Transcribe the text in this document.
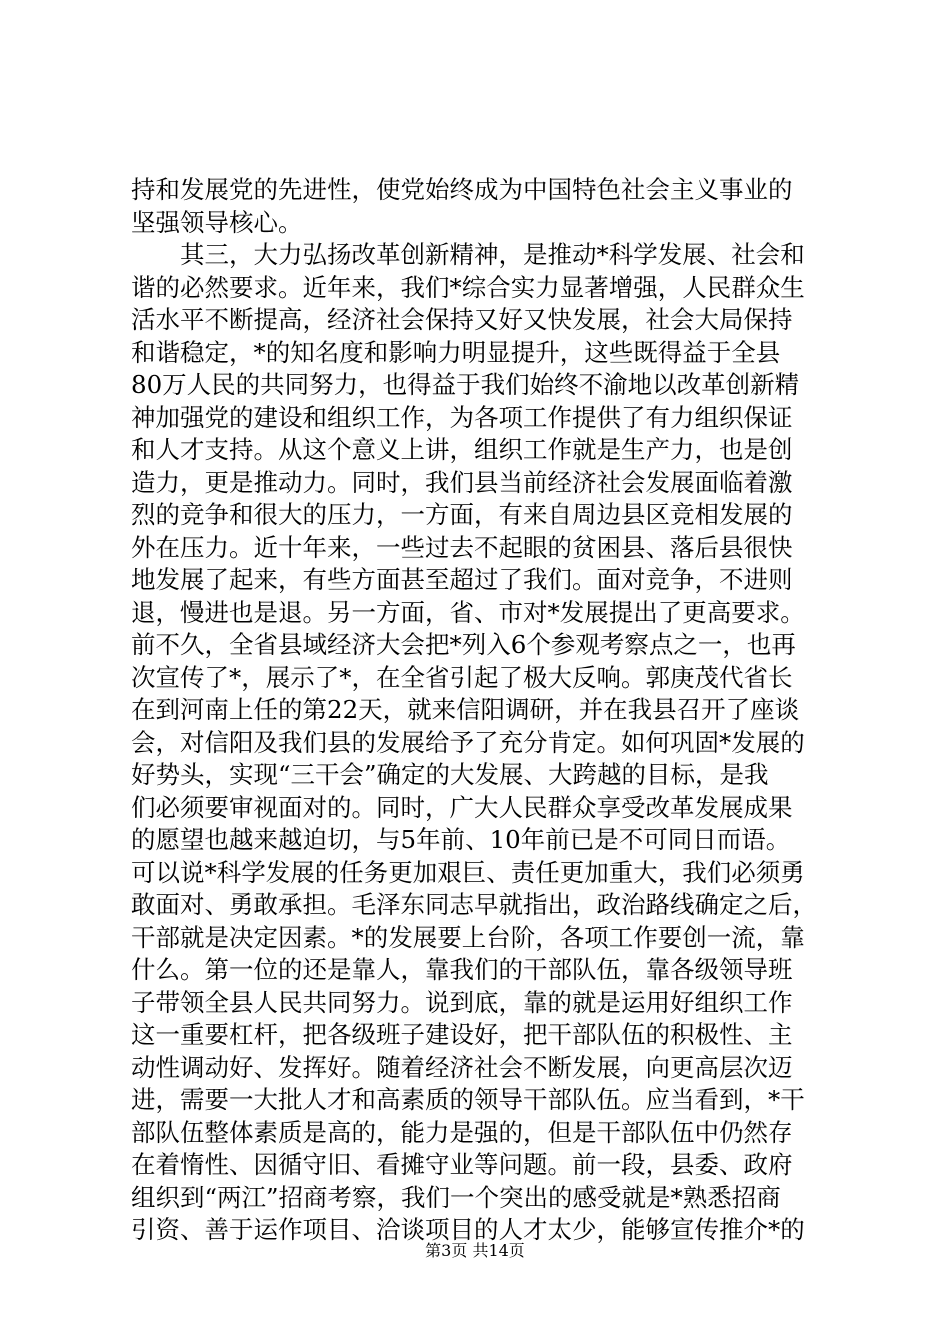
持和发展党的先进性，使党始终成为中国特色社会主义事业的
坚强领导核心。
　　其三，大力弘扬改革创新精神，是推动*科学发展、社会和
谐的必然要求。近年来，我们*综合实力显著增强，人民群众生
活水平不断提高，经济社会保持又好又快发展，社会大局保持
和谐稳定，*的知名度和影响力明显提升，这些既得益于全县
80万人民的共同努力，也得益于我们始终不渝地以改革创新精
神加强党的建设和组织工作，为各项工作提供了有力组织保证
和人才支持。从这个意义上讲，组织工作就是生产力，也是创
造力，更是推动力。同时，我们县当前经济社会发展面临着激
烈的竞争和很大的压力，一方面，有来自周边县区竞相发展的
外在压力。近十年来，一些过去不起眼的贫困县、落后县很快
地发展了起来，有些方面甚至超过了我们。面对竞争，不进则
退，慢进也是退。另一方面，省、市对*发展提出了更高要求。
前不久，全省县域经济大会把*列入6个参观考察点之一，也再
次宣传了*，展示了*，在全省引起了极大反响。郭庚茂代省长
在到河南上任的第22天，就来信阳调研，并在我县召开了座谈
会，对信阳及我们县的发展给予了充分肯定。如何巩固*发展的
好势头，实现“三干会”确定的大发展、大跨越的目标，是我
们必须要审视面对的。同时，广大人民群众享受改革发展成果
的愿望也越来越迫切，与5年前、10年前已是不可同日而语。
可以说*科学发展的任务更加艰巨、责任更加重大，我们必须勇
敢面对、勇敢承担。毛泽东同志早就指出，政治路线确定之后，
干部就是决定因素。*的发展要上台阶，各项工作要创一流，靠
什么。第一位的还是靠人，靠我们的干部队伍，靠各级领导班
子带领全县人民共同努力。说到底，靠的就是运用好组织工作
这一重要杠杆，把各级班子建设好，把干部队伍的积极性、主
动性调动好、发挥好。随着经济社会不断发展，向更高层次迈
进，需要一大批人才和高素质的领导干部队伍。应当看到，*干
部队伍整体素质是高的，能力是强的，但是干部队伍中仍然存
在着惰性、因循守旧、看摊守业等问题。前一段，县委、政府
组织到“两江”招商考察，我们一个突出的感受就是*熟悉招商
引资、善于运作项目、洽谈项目的人才太少，能够宣传推介*的
第3页 共14页
